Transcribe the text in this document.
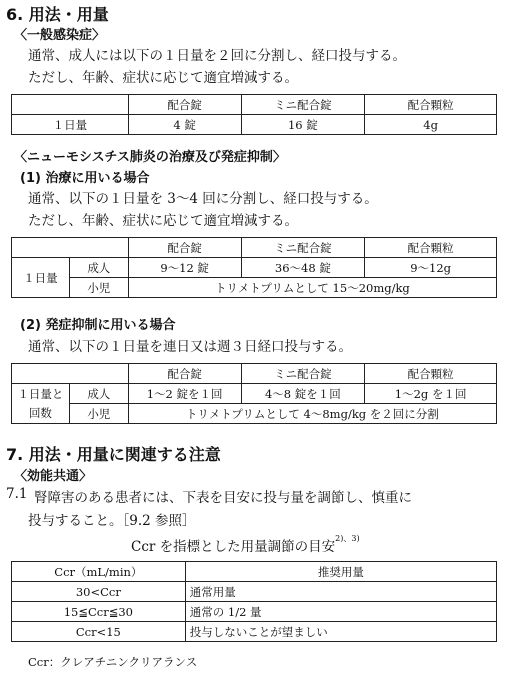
6. 用法・用量
〈一般感染症〉
通常、成人には以下の１日量を２回に分割し、経口投与する。
ただし、年齢、症状に応じて適宜増減する。
	配合錠	ミニ配合錠	配合顆粒
１日量	4 錠	16 錠	4g
〈ニューモシスチス肺炎の治療及び発症抑制〉
(1) 治療に用いる場合
通常、以下の１日量を 3〜4 回に分割し、経口投与する。
ただし、年齢、症状に応じて適宜増減する。
		配合錠	ミニ配合錠	配合顆粒
１日量	成人	9〜12 錠	36〜48 錠	9〜12g
	小児	トリメトプリムとして 15〜20mg/kg		
(2) 発症抑制に用いる場合
通常、以下の１日量を連日又は週３日経口投与する。
		配合錠	ミニ配合錠	配合顆粒
１日量と
回数	成人	1〜2 錠を１回	4〜8 錠を１回	1〜2g を１回
	小児	トリメトプリムとして 4〜8mg/kg を２回に分割		
7. 用法・用量に関連する注意
〈効能共通〉
7.1 腎障害のある患者には、下表を目安に投与量を調節し、慎重に
投与すること。［9.2 参照］
Ccr を指標とした用量調節の目安$^{2)、3)}$
Ccr（mL/min）	推奨用量
30<Ccr	通常用量
15≦Ccr≦30	通常の 1/2 量
Ccr<15	投与しないことが望ましい
Ccr：クレアチニンクリアランス
